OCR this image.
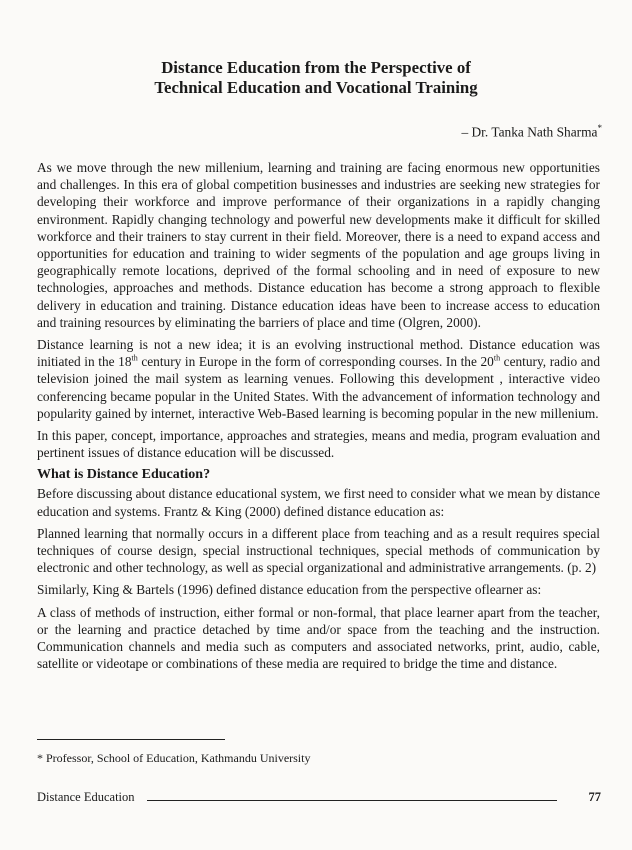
Distance Education from the Perspective of
Technical Education and Vocational Training
– Dr. Tanka Nath Sharma*

As we move through the new millenium, learning and training are facing enormous new opportunities and challenges. In this era of global competition businesses and industries are seeking new strategies for developing their workforce and improve performance of their organizations in a rapidly changing environment. Rapidly changing technology and powerful new developments make it difficult for skilled workforce and their trainers to stay current in their field. Moreover, there is a need to expand access and opportunities for education and training to wider segments of the population and age groups living in geographically remote locations, deprived of the formal schooling and in need of exposure to new technologies, approaches and methods. Distance education has become a strong approach to flexible delivery in education and training. Distance education ideas have been to increase access to education and training resources by eliminating the barriers of place and time (Olgren, 2000).

Distance learning is not a new idea; it is an evolving instructional method. Distance education was initiated in the 18th century in Europe in the form of corresponding courses. In the 20th century, radio and television joined the mail system as learning venues. Following this development , interactive video conferencing became popular in the United States. With the advancement of information technology and popularity gained by internet, interactive Web-Based learning is becoming popular in the new millenium.

In this paper, concept, importance, approaches and strategies, means and media, program evaluation and pertinent issues of distance education will be discussed.

What is Distance Education?

Before discussing about distance educational system, we first need to consider what we mean by distance education and systems. Frantz & King (2000) defined distance education as:

Planned learning that normally occurs in a different place from teaching and as a result requires special techniques of course design, special instructional techniques, special methods of communication by electronic and other technology, as well as special organizational and administrative arrangements. (p. 2)

Similarly, King & Bartels (1996) defined distance education from the perspective oflearner as:

A class of methods of instruction, either formal or non-formal, that place learner apart from the teacher, or the learning and practice detached by time and/or space from the teaching and the instruction. Communication channels and media such as computers and associated networks, print, audio, cable, satellite or videotape or combinations of these media are required to bridge the time and distance.

* Professor, School of Education, Kathmandu University
Distance Education	77
